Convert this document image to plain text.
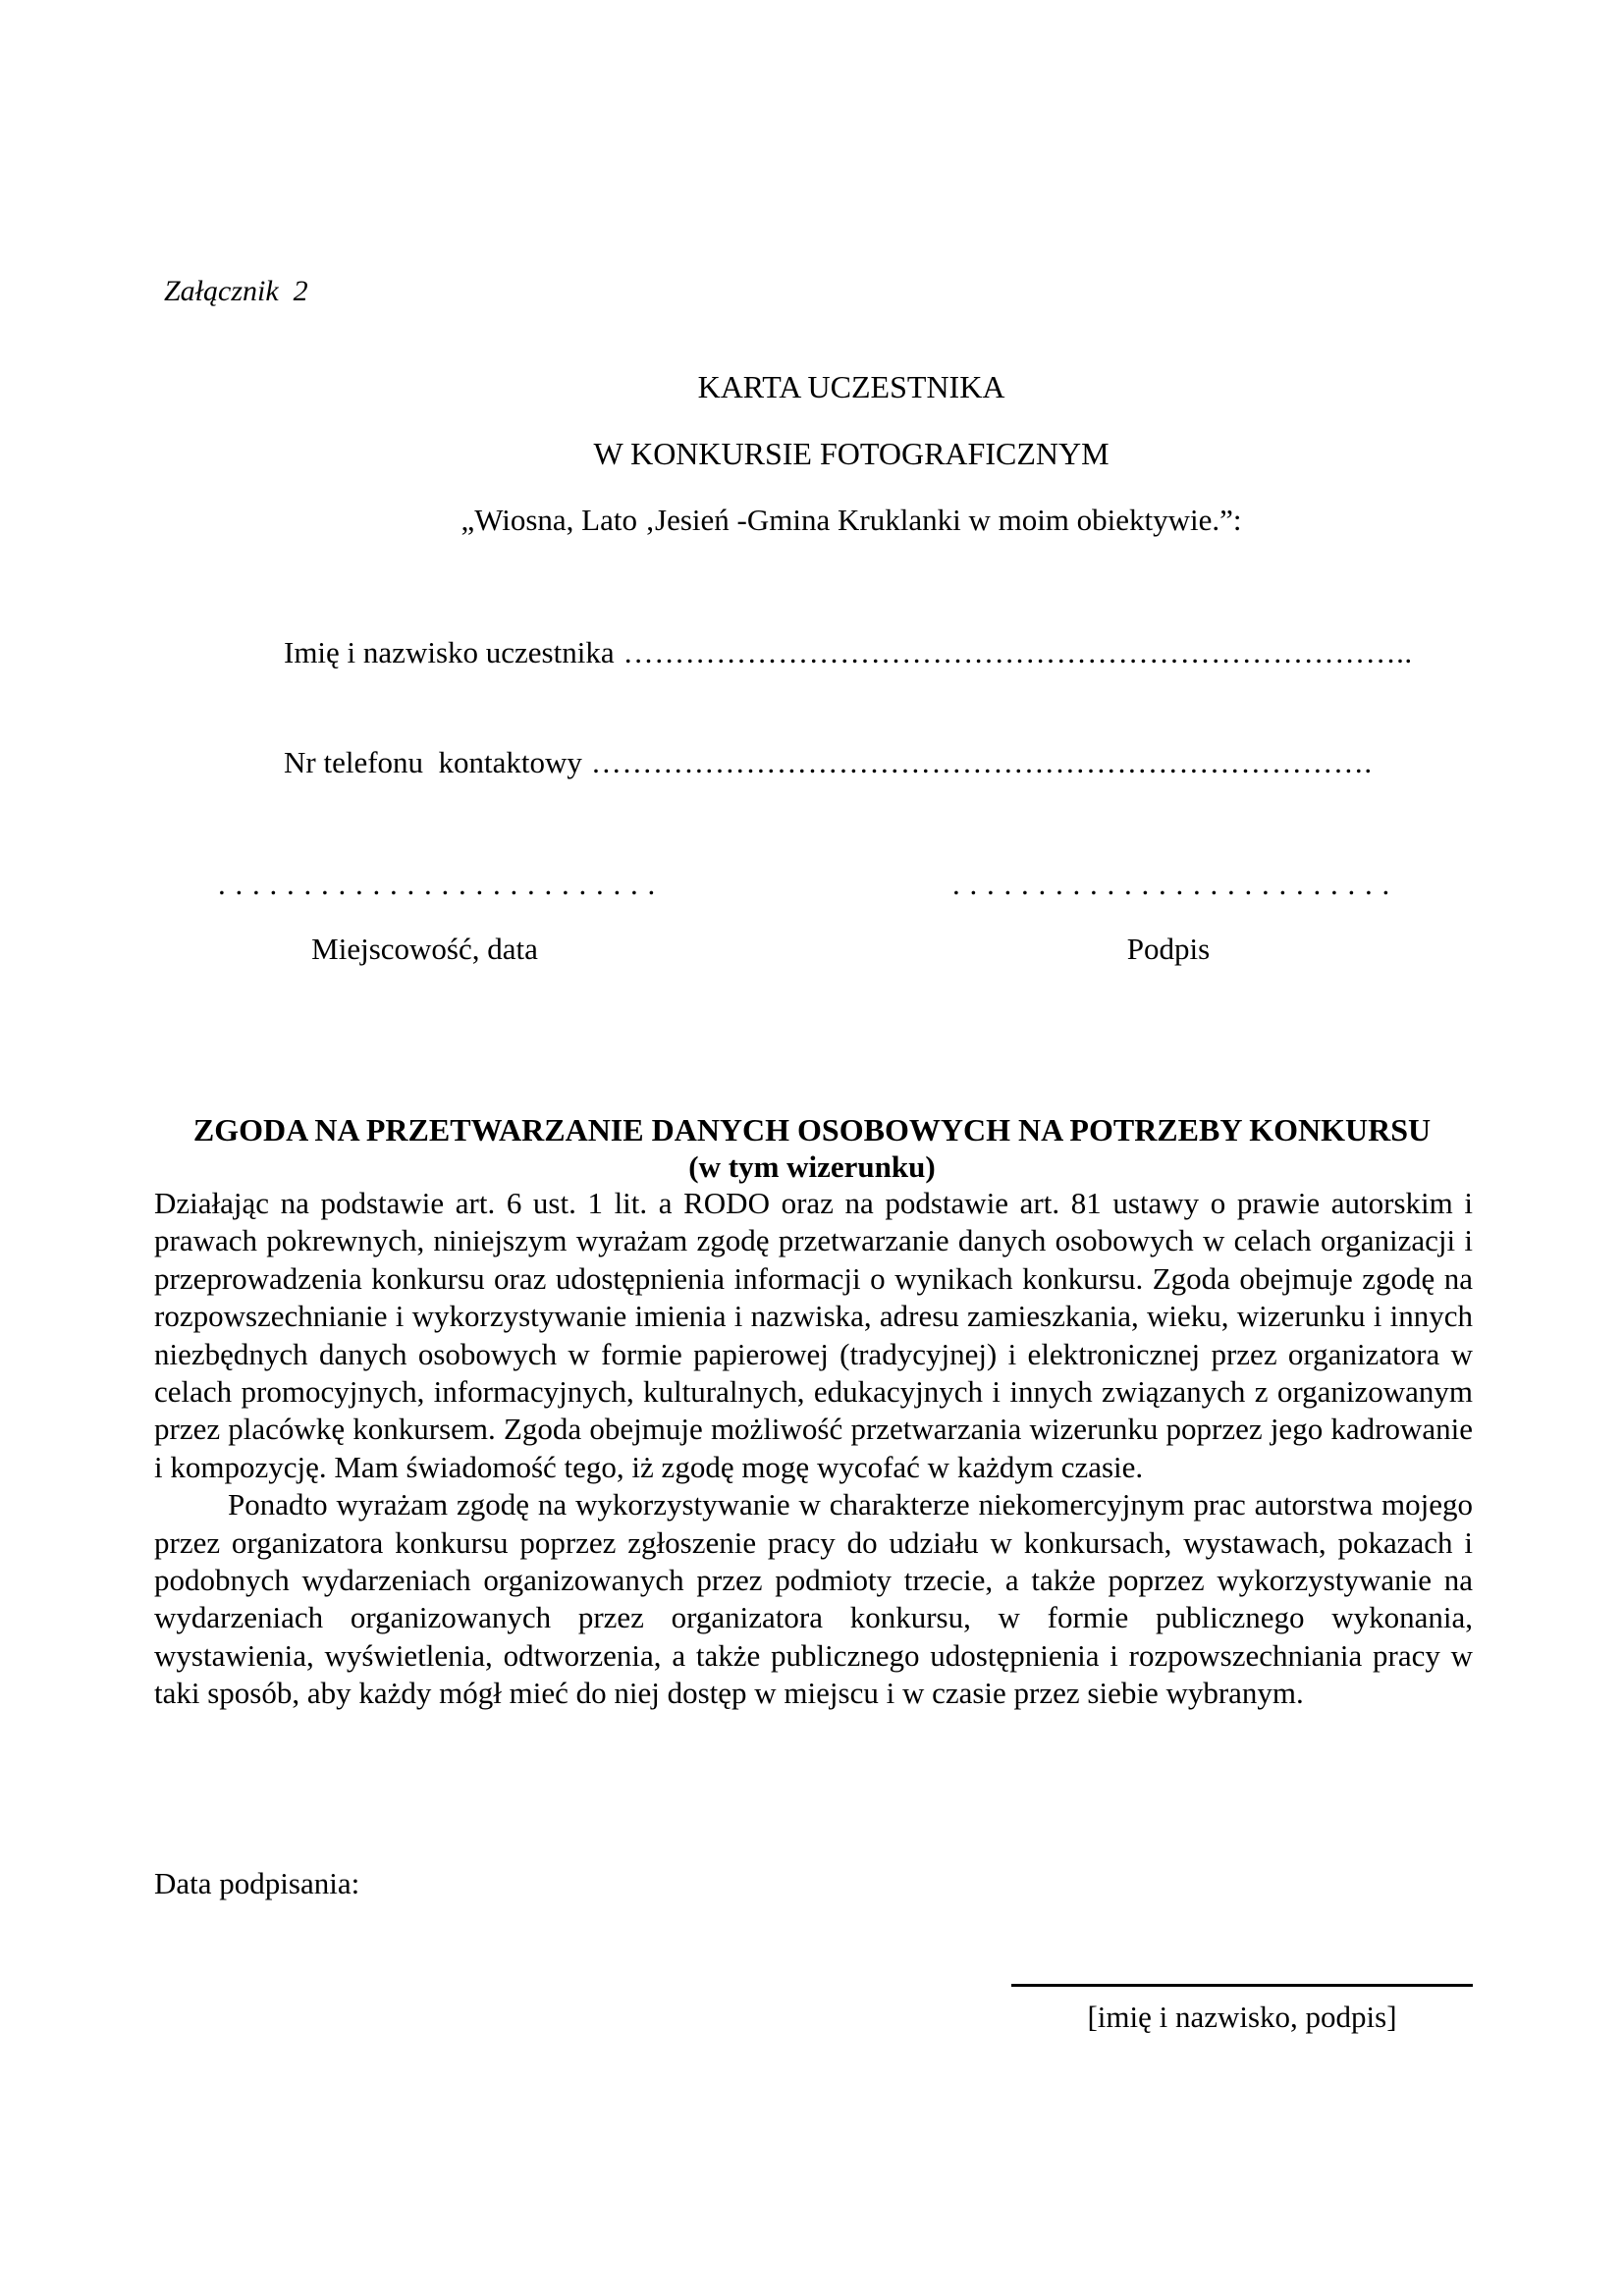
Załącznik  2
KARTA UCZESTNIKA
W KONKURSIE FOTOGRAFICZNYM
„Wiosna, Lato ‚Jesień -Gmina Kruklanki w moim obiektywie.”:

Imię i nazwisko uczestnika …………………………………………………………………..

Nr telefonu  kontaktowy ………………………………………………………………….

. . . . . . . . . . . . . . . . . . . . . . . . . .	. . . . . . . . . . . . . . . . . . . . . . . . . .
Miejscowość, data	Podpis
ZGODA NA PRZETWARZANIE DANYCH OSOBOWYCH NA POTRZEBY KONKURSU
(w tym wizerunku)

Działając na podstawie art. 6 ust. 1 lit. a RODO oraz na podstawie art. 81 ustawy o prawie autorskim i prawach pokrewnych, niniejszym wyrażam zgodę przetwarzanie danych osobowych w celach organizacji i przeprowadzenia konkursu oraz udostępnienia informacji o wynikach konkursu. Zgoda obejmuje zgodę na rozpowszechnianie i wykorzystywanie imienia i nazwiska, adresu zamieszkania, wieku, wizerunku i innych niezbędnych danych osobowych w formie papierowej (tradycyjnej) i elektronicznej przez organizatora w celach promocyjnych, informacyjnych, kulturalnych, edukacyjnych i innych związanych z organizowanym przez placówkę konkursem. Zgoda obejmuje możliwość przetwarzania wizerunku poprzez jego kadrowanie i kompozycję. Mam świadomość tego, iż zgodę mogę wycofać w każdym czasie.

Ponadto wyrażam zgodę na wykorzystywanie w charakterze niekomercyjnym prac autorstwa mojego przez organizatora konkursu poprzez zgłoszenie pracy do udziału w konkursach, wystawach, pokazach i podobnych wydarzeniach organizowanych przez podmioty trzecie, a także poprzez wykorzystywanie na wydarzeniach organizowanych przez organizatora konkursu, w formie publicznego wykonania, wystawienia, wyświetlenia, odtworzenia, a także publicznego udostępnienia i rozpowszechniania pracy w taki sposób, aby każdy mógł mieć do niej dostęp w miejscu i w czasie przez siebie wybranym.

Data podpisania:
[imię i nazwisko, podpis]
